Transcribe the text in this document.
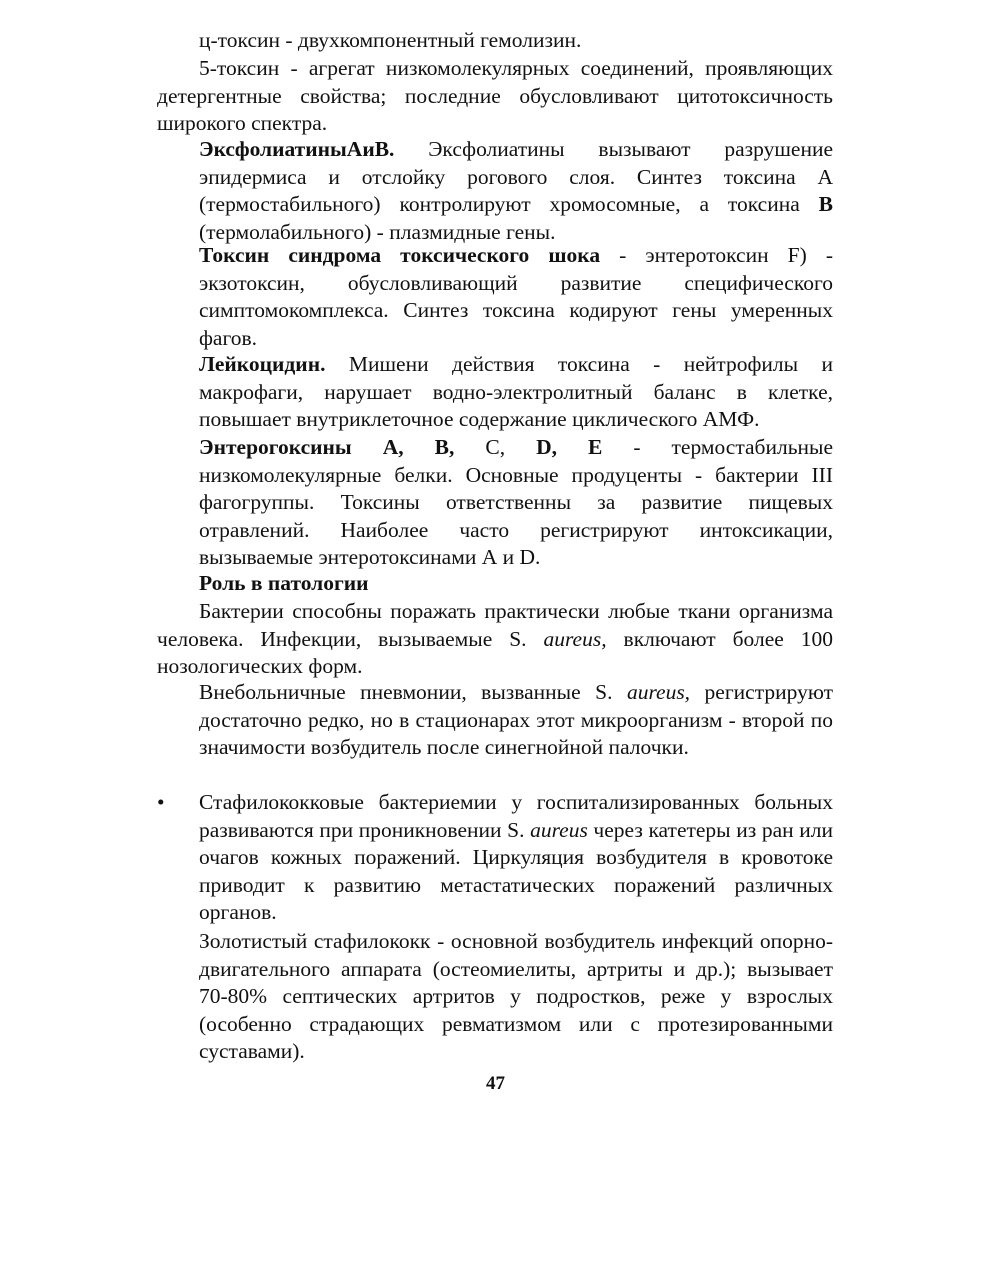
ц-токсин - двухкомпонентный гемолизин.

5-токсин - агрегат низкомолекулярных соединений, проявляющих детергентные свойства; последние обусловливают цитотоксичность широкого спектра.

ЭксфолиатиныАиВ. Эксфолиатины вызывают разрушение эпидермиса и отслойку рогового слоя. Синтез токсина А (термостабильного) контролируют хромосомные, а токсина В (термолабильного) - плазмидные гены.

Токсин синдрома токсического шока - энтеротоксин F) - экзотоксин, обусловливающий развитие специфического симптомокомплекса. Синтез токсина кодируют гены умеренных фагов.

Лейкоцидин. Мишени действия токсина - нейтрофилы и макрофаги, нарушает водно-электролитный баланс в клетке, повышает внутриклеточное содержание циклического АМФ.

Энтерогоксины А, В, С, D, Е - термостабильные низкомолекулярные белки. Основные продуценты - бактерии III фагогруппы. Токсины ответственны за развитие пищевых отравлений. Наиболее часто регистрируют интоксикации, вызываемые энтеротоксинами А и D.

Роль в патологии

Бактерии способны поражать практически любые ткани организма человека. Инфекции, вызываемые S. aureus, включают более 100 нозологических форм.

Внебольничные пневмонии, вызванные S. aureus, регистрируют достаточно редко, но в стационарах этот микроорганизм - второй по значимости возбудитель после синегнойной палочки.

• Стафилококковые бактериемии у госпитализированных больных развиваются при проникновении S. aureus через катетеры из ран или очагов кожных поражений. Циркуляция возбудителя в кровотоке приводит к развитию метастатических поражений различных органов.

Золотистый стафилококк - основной возбудитель инфекций опорно-двигательного аппарата (остеомиелиты, артриты и др.); вызывает 70-80% септических артритов у подростков, реже у взрослых (особенно страдающих ревматизмом или с протезированными суставами).

47
